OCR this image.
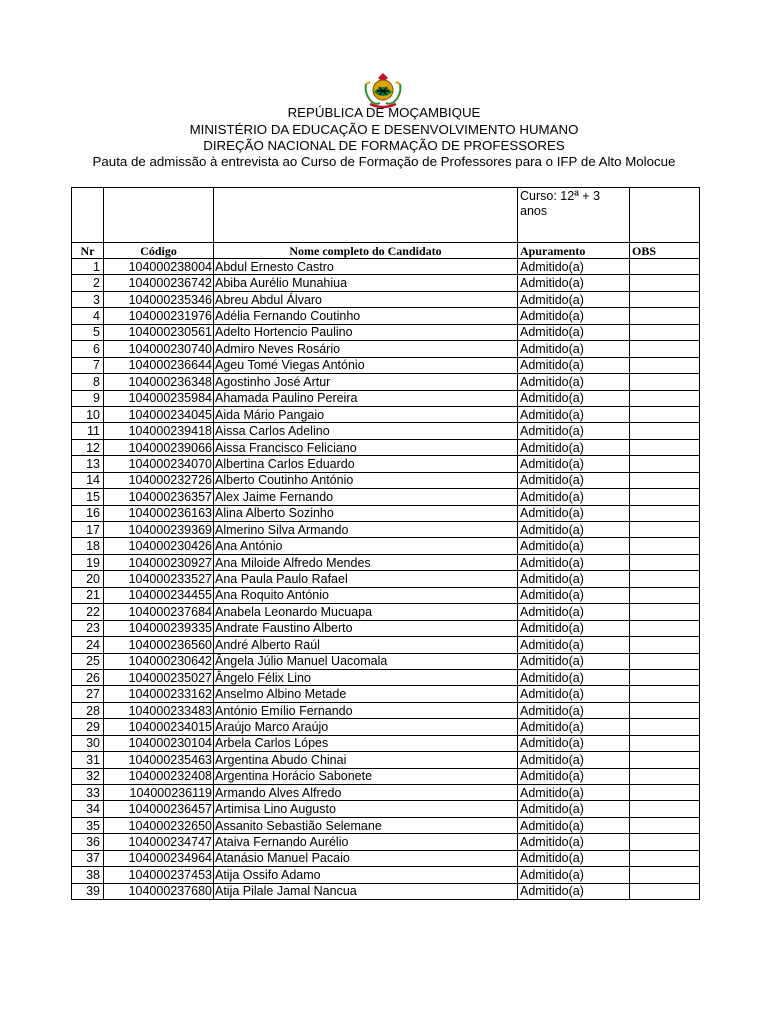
REPÚBLICA DE MOÇAMBIQUE
MINISTÉRIO DA EDUCAÇÃO E DESENVOLVIMENTO HUMANO
DIREÇÃO NACIONAL DE FORMAÇÃO DE PROFESSORES
Pauta de admissão à entrevista ao Curso de Formação de Professores para o IFP de Alto Molocue

			Curso: 12ª + 3
anos	

Nr	Código	Nome completo do Candidato	Apuramento	OBS
1	104000238004	Abdul Ernesto Castro	Admitido(a)	
2	104000236742	Abiba Aurélio Munahiua	Admitido(a)	
3	104000235346	Abreu Abdul Álvaro	Admitido(a)	
4	104000231976	Adélia Fernando Coutinho	Admitido(a)	
5	104000230561	Adelto Hortencio Paulino	Admitido(a)	
6	104000230740	Admiro Neves Rosário	Admitido(a)	
7	104000236644	Ageu Tomé Viegas António	Admitido(a)	
8	104000236348	Agostinho José Artur	Admitido(a)	
9	104000235984	Ahamada Paulino Pereira	Admitido(a)	
10	104000234045	Aida Mário Pangaio	Admitido(a)	
11	104000239418	Aissa Carlos Adelino	Admitido(a)	
12	104000239066	Aissa Francisco Feliciano	Admitido(a)	
13	104000234070	Albertina Carlos Eduardo	Admitido(a)	
14	104000232726	Alberto Coutinho António	Admitido(a)	
15	104000236357	Alex Jaime Fernando	Admitido(a)	
16	104000236163	Alina Alberto Sozinho	Admitido(a)	
17	104000239369	Almerino Silva Armando	Admitido(a)	
18	104000230426	Ana António	Admitido(a)	
19	104000230927	Ana Miloide Alfredo Mendes	Admitido(a)	
20	104000233527	Ana Paula Paulo Rafael	Admitido(a)	
21	104000234455	Ana Roquito António	Admitido(a)	
22	104000237684	Anabela Leonardo Mucuapa	Admitido(a)	
23	104000239335	Andrate Faustino Alberto	Admitido(a)	
24	104000236560	André Alberto Raúl	Admitido(a)	
25	104000230642	Ângela Júlio Manuel Uacomala	Admitido(a)	
26	104000235027	Ângelo Félix Lino	Admitido(a)	
27	104000233162	Anselmo Albino Metade	Admitido(a)	
28	104000233483	António Emílio Fernando	Admitido(a)	
29	104000234015	Araújo Marco Araújo	Admitido(a)	
30	104000230104	Arbela Carlos Lópes	Admitido(a)	
31	104000235463	Argentina Abudo Chinai	Admitido(a)	
32	104000232408	Argentina Horácio Sabonete	Admitido(a)	
33	104000236119	Armando Alves Alfredo	Admitido(a)	
34	104000236457	Artimisa Lino Augusto	Admitido(a)	
35	104000232650	Assanito Sebastião Selemane	Admitido(a)	
36	104000234747	Ataiva Fernando Aurélio	Admitido(a)	
37	104000234964	Atanásio Manuel Pacaio	Admitido(a)	
38	104000237453	Atija Ossifo Adamo	Admitido(a)	
39	104000237680	Atija Pilale Jamal Nancua	Admitido(a)	
